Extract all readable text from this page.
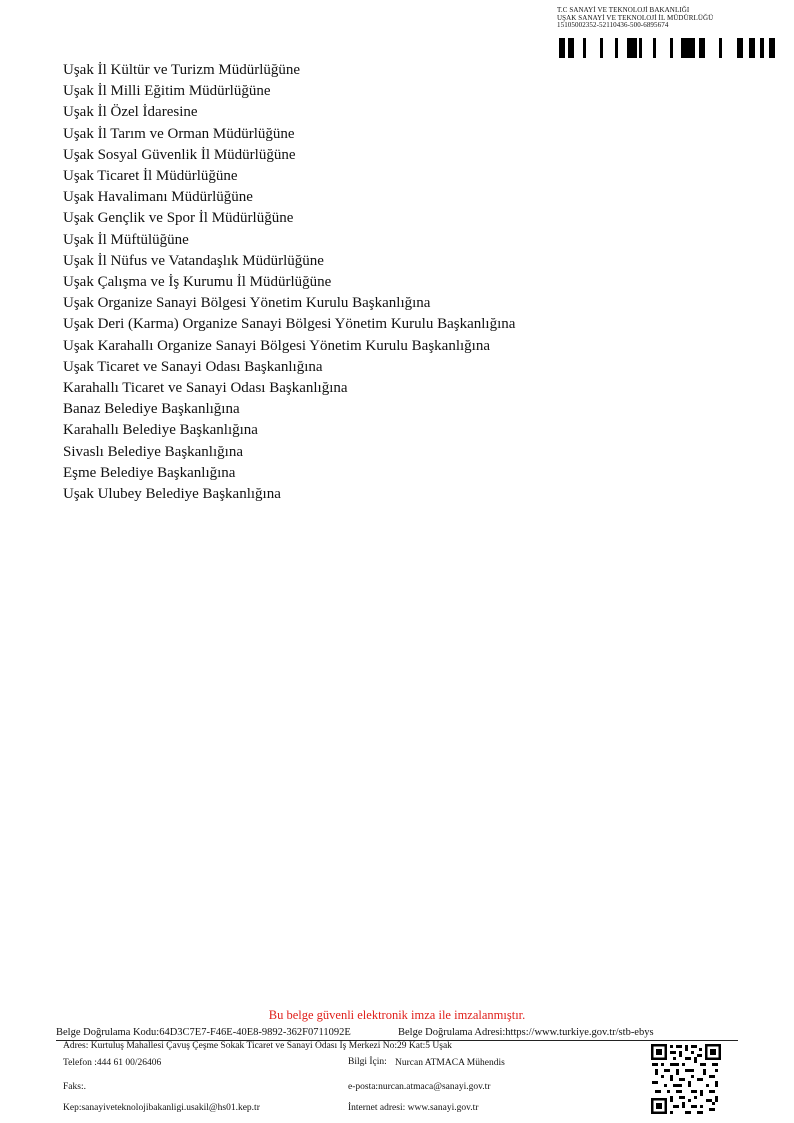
T.C SANAYİ VE TEKNOLOJİ BAKANLIĞI
UŞAK SANAYİ VE TEKNOLOJİ İL MÜDÜRLÜĞÜ
15105002352-52110436-500-6895674
Uşak İl Kültür ve Turizm Müdürlüğüne
Uşak İl Milli Eğitim Müdürlüğüne
Uşak İl Özel İdaresine
Uşak İl Tarım ve Orman Müdürlüğüne
Uşak Sosyal Güvenlik İl Müdürlüğüne
Uşak Ticaret İl Müdürlüğüne
Uşak Havalimanı Müdürlüğüne
Uşak Gençlik ve Spor İl Müdürlüğüne
Uşak İl Müftülüğüne
Uşak İl Nüfus ve Vatandaşlık Müdürlüğüne
Uşak Çalışma ve İş Kurumu İl Müdürlüğüne
Uşak Organize Sanayi Bölgesi Yönetim Kurulu Başkanlığına
Uşak Deri (Karma) Organize Sanayi Bölgesi Yönetim Kurulu Başkanlığına
Uşak Karahallı Organize Sanayi Bölgesi Yönetim Kurulu Başkanlığına
Uşak Ticaret ve Sanayi Odası Başkanlığına
Karahallı Ticaret ve Sanayi Odası Başkanlığına
Banaz Belediye Başkanlığına
Karahallı Belediye Başkanlığına
Sivaslı Belediye Başkanlığına
Eşme Belediye Başkanlığına
Uşak Ulubey Belediye Başkanlığına
Bu belge güvenli elektronik imza ile imzalanmıştır.
Belge Doğrulama Kodu:64D3C7E7-F46E-40E8-9892-362F0711092E	Belge Doğrulama Adresi:https://www.turkiye.gov.tr/stb-ebys
Adres: Kurtuluş Mahallesi Çavuş Çeşme Sokak Ticaret ve Sanayi Odası İş Merkezi No:29 Kat:5 Uşak
Telefon :444 61 00/26406	Bilgi İçin: Nurcan ATMACA Mühendis
Faks:.	e-posta:nurcan.atmaca@sanayi.gov.tr
Kep:sanayiveteknolojibakanligi.usakil@hs01.kep.tr	İnternet adresi: www.sanayi.gov.tr
